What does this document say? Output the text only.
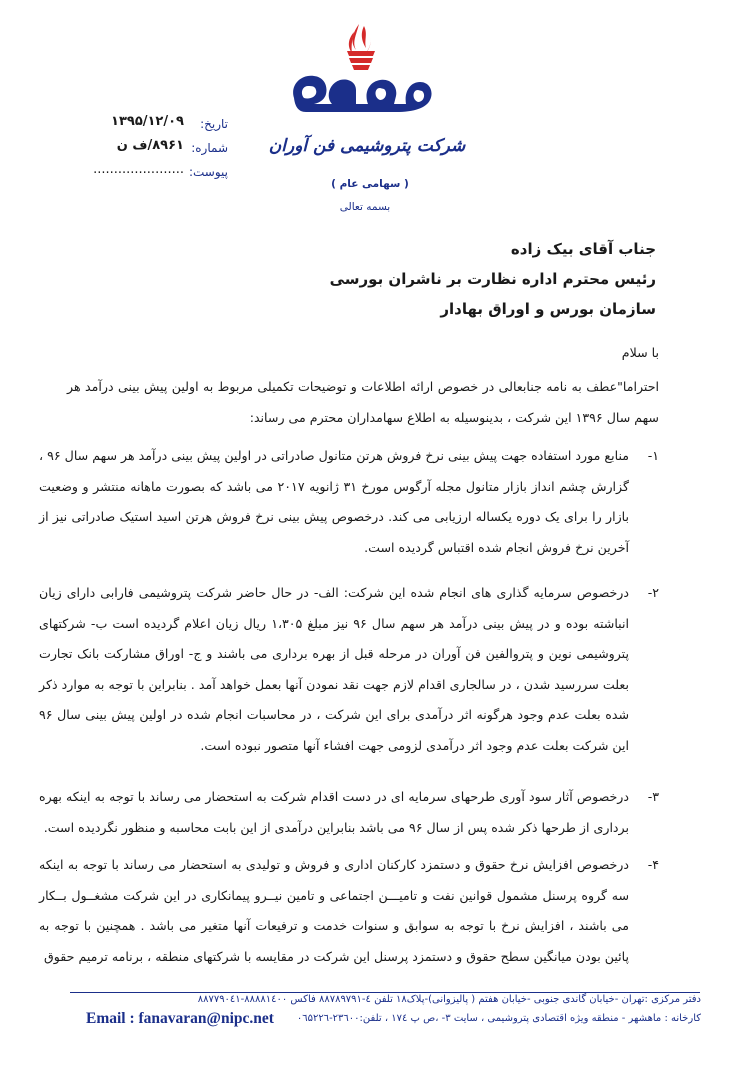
شرکت پتروشیمی فن آوران
( سهامی عام )
بسمه تعالی
تاریخ:
۱۳۹۵/۱۲/۰۹
شماره:
۸۹۶۱/ف ن
پیوست:
......................
جناب آقای بیک زاده
رئیس محترم اداره نظارت بر ناشران بورسی
سازمان بورس و اوراق بهادار
با سلام
احتراما"عطف به نامه جنابعالی در خصوص ارائه اطلاعات و توضیحات تکمیلی مربوط به اولین پیش بینی درآمد هر سهم سال ۱۳۹۶ این شرکت ، بدینوسیله به اطلاع سهامداران محترم می رساند:
۱-
منابع مورد استفاده جهت پیش بینی نرخ فروش هرتن متانول صادراتی در اولین پیش بینی درآمد هر سهم سال ۹۶ ، گزارش چشم انداز بازار متانول مجله آرگوس مورخ ۳۱ ژانویه ۲۰۱۷ می باشد که بصورت ماهانه منتشر و وضعیت بازار را برای یک دوره یکساله ارزیابی می کند. درخصوص پیش بینی نرخ فروش هرتن اسید استیک صادراتی نیز از آخرین نرخ فروش انجام شده اقتباس گردیده است.
۲-
درخصوص سرمایه گذاری های انجام شده این شرکت: الف- در حال حاضر شرکت پتروشیمی فارابی دارای زیان انباشته بوده و در پیش بینی درآمد هر سهم سال ۹۶ نیز مبلغ ۱،۳۰۵ ریال زیان اعلام گردیده است ب- شرکتهای پتروشیمی نوین و پتروالفین فن آوران در مرحله قبل از بهره برداری می باشند و ج- اوراق مشارکت بانک تجارت بعلت سررسید شدن ، در سالجاری اقدام لازم جهت نقد نمودن آنها بعمل خواهد آمد . بنابراین با توجه به موارد ذکر شده بعلت عدم وجود هرگونه اثر درآمدی برای این شرکت ، در محاسبات انجام شده در اولین پیش بینی سال ۹۶ این شرکت بعلت عدم وجود اثر درآمدی لزومی جهت افشاء آنها متصور نبوده است.
۳-
درخصوص آثار سود آوری طرحهای سرمایه ای در دست اقدام شرکت به استحضار می رساند با توجه به اینکه بهره برداری از طرحها ذکر شده پس از سال ۹۶ می باشد بنابراین درآمدی از این بابت محاسبه و منظور نگردیده است.
۴-
درخصوص افزایش نرخ حقوق و دستمزد کارکنان اداری و فروش و تولیدی به استحضار می رساند با توجه به اینکه سه گروه پرسنل مشمول قوانین نفت و تامیـــن اجتماعی و تامین نیــرو پیمانکاری در این شرکت مشغــول بــکار می باشند ، افزایش نرخ با توجه به سوابق و سنوات خدمت و ترفیعات آنها متغیر می باشد . همچنین با توجه به پائین بودن میانگین سطح حقوق و دستمزد پرسنل این شرکت در مقایسه با شرکتهای منطقه ، برنامه ترمیم حقوق
دفتر مرکزی :تهران -خیابان گاندی جنوبی -خیابان هفتم ( پالیزوانی)-پلاک۱۸ تلفن ٤-۸۸۷۸۹۷۹۱ فاکس ۸۸۸۸۱٤۰۰-۸۸۷۷۹۰٤۱
کارخانه : ماهشهر - منطقه ویژه اقتصادی پتروشیمی ، سایت ۳- ،ص پ ۱۷٤ ، تلفن:۲۳٦۰۰-۰٦۵۲۲٦
Email : fanavaran@nipc.net
